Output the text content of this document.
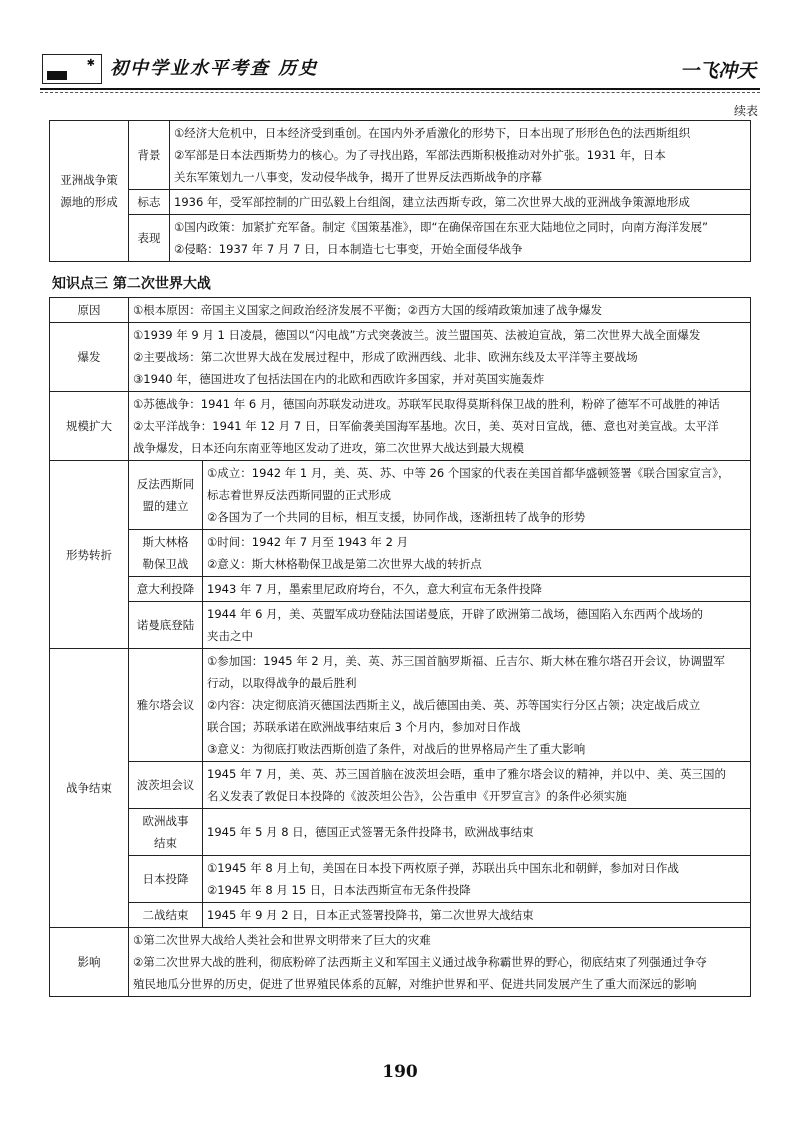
✱ 初中学业水平考查 历史	一飞冲天
续表
亚洲战争策
源地的形成	背景	①经济大危机中，日本经济受到重创。在国内外矛盾激化的形势下，日本出现了形形色色的法西斯组织
②军部是日本法西斯势力的核心。为了寻找出路，军部法西斯积极推动对外扩张。1931 年，日本
关东军策划九一八事变，发动侵华战争，揭开了世界反法西斯战争的序幕

	标志	1936 年，受军部控制的广田弘毅上台组阁，建立法西斯专政，第二次世界大战的亚洲战争策源地形成

	表现	①国内政策：加紧扩充军备。制定《国策基准》，即“在确保帝国在东亚大陆地位之同时，向南方海洋发展”
②侵略：1937 年 7 月 7 日，日本制造七七事变，开始全面侵华战争
知识点三 第二次世界大战
原因	①根本原因：帝国主义国家之间政治经济发展不平衡；②西方大国的绥靖政策加速了战争爆发	

爆发	①1939 年 9 月 1 日凌晨，德国以“闪电战”方式突袭波兰。波兰盟国英、法被迫宣战，第二次世界大战全面爆发
②主要战场：第二次世界大战在发展过程中，形成了欧洲西线、北非、欧洲东线及太平洋等主要战场
③1940 年，德国进攻了包括法国在内的北欧和西欧许多国家，并对英国实施轰炸	

规模扩大	①苏德战争：1941 年 6 月，德国向苏联发动进攻。苏联军民取得莫斯科保卫战的胜利，粉碎了德军不可战胜的神话
②太平洋战争：1941 年 12 月 7 日，日军偷袭美国海军基地。次日，美、英对日宣战，德、意也对美宣战。太平洋
战争爆发，日本还向东南亚等地区发动了进攻，第二次世界大战达到最大规模	

形势转折	反法西斯同
盟的建立	①成立：1942 年 1 月，美、英、苏、中等 26 个国家的代表在美国首都华盛顿签署《联合国家宣言》，
标志着世界反法西斯同盟的正式形成
②各国为了一个共同的目标，相互支援，协同作战，逐渐扭转了战争的形势

	斯大林格
勒保卫战	①时间：1942 年 7 月至 1943 年 2 月
②意义：斯大林格勒保卫战是第二次世界大战的转折点

	意大利投降	1943 年 7 月，墨索里尼政府垮台，不久，意大利宣布无条件投降

	诺曼底登陆	1944 年 6 月，美、英盟军成功登陆法国诺曼底，开辟了欧洲第二战场，德国陷入东西两个战场的
夹击之中

战争结束	雅尔塔会议	①参加国：1945 年 2 月，美、英、苏三国首脑罗斯福、丘吉尔、斯大林在雅尔塔召开会议，协调盟军
行动，以取得战争的最后胜利
②内容：决定彻底消灭德国法西斯主义，战后德国由美、英、苏等国实行分区占领；决定战后成立
联合国；苏联承诺在欧洲战事结束后 3 个月内，参加对日作战
③意义：为彻底打败法西斯创造了条件，对战后的世界格局产生了重大影响

	波茨坦会议	1945 年 7 月，美、英、苏三国首脑在波茨坦会晤，重申了雅尔塔会议的精神，并以中、美、英三国的
名义发表了敦促日本投降的《波茨坦公告》，公告重申《开罗宣言》的条件必须实施

	欧洲战事
结束	1945 年 5 月 8 日，德国正式签署无条件投降书，欧洲战事结束

	日本投降	①1945 年 8 月上旬，美国在日本投下两枚原子弹，苏联出兵中国东北和朝鲜，参加对日作战
②1945 年 8 月 15 日，日本法西斯宣布无条件投降

	二战结束	1945 年 9 月 2 日，日本正式签署投降书，第二次世界大战结束

影响	①第二次世界大战给人类社会和世界文明带来了巨大的灾难
②第二次世界大战的胜利，彻底粉碎了法西斯主义和军国主义通过战争称霸世界的野心，彻底结束了列强通过争夺
殖民地瓜分世界的历史，促进了世界殖民体系的瓦解，对维护世界和平、促进共同发展产生了重大而深远的影响	
190
